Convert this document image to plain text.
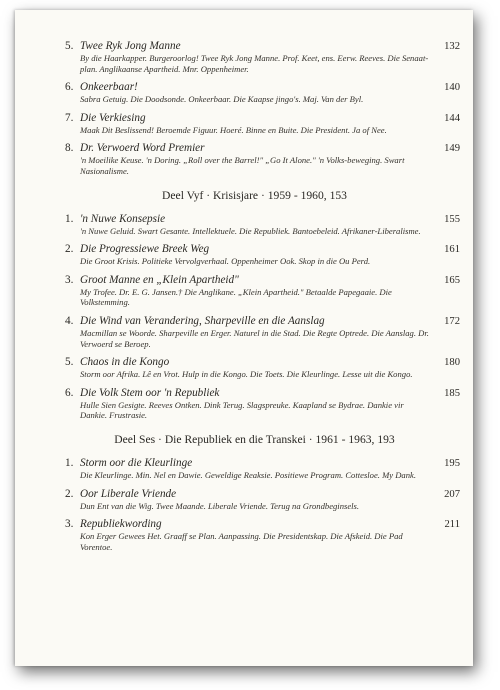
5. Twee Ryk Jong Manne
By die Haarkapper. Burgeroorlog! Twee Ryk Jong Manne. Prof. Keet, ens. Eerw. Reeves. Die Senaat-plan. Anglikaanse Apartheid. Mnr. Oppenheimer.
132
6. Onkeerbaar!
Sabra Getuig. Die Doodsonde. Onkeerbaar. Die Kaapse jingo's. Maj. Van der Byl.
140
7. Die Verkiesing
Maak Dit Beslissend! Beroemde Figuur. Hoeré. Binne en Buite. Die President. Ja of Nee.
144
8. Dr. Verwoerd Word Premier
'n Moeilike Keuse. 'n Doring. „Roll over the Barrel!" „Go It Alone." 'n Volks-beweging. Swart Nasionalisme.
149
Deel Vyf · Krisisjare · 1959 - 1960, 153
1. 'n Nuwe Konsepsie
'n Nuwe Geluid. Swart Gesante. Intellektuele. Die Republiek. Bantoebeleid. Afrikaner-Liberalisme.
155
2. Die Progressiewe Breek Weg
Die Groot Krisis. Politieke Vervolgverhaal. Oppenheimer Ook. Skop in die Ou Perd.
161
3. Groot Manne en „Klein Apartheid"
My Trofee. Dr. E. G. Jansen.† Die Anglikane. „Klein Apartheid." Betaalde Papegaaie. Die Volkstemming.
165
4. Die Wind van Verandering, Sharpeville en die Aanslag
Macmillan se Woorde. Sharpeville en Erger. Naturel in die Stad. Die Regte Optrede. Die Aanslag. Dr. Verwoerd se Beroep.
172
5. Chaos in die Kongo
Storm oor Afrika. Lê en Vrot. Hulp in die Kongo. Die Toets. Die Kleurlinge. Lesse uit die Kongo.
180
6. Die Volk Stem oor 'n Republiek
Hulle Sien Gesigte. Reeves Ontken. Dink Terug. Slagspreuke. Kaapland se Bydrae. Dankie vir Dankie. Frustrasie.
185
Deel Ses · Die Republiek en die Transkei · 1961 - 1963, 193
1. Storm oor die Kleurlinge
Die Kleurlinge. Min. Nel en Dawie. Geweldige Reaksie. Positiewe Program. Cottesloe. My Dank.
195
2. Oor Liberale Vriende
Dun Ent van die Wig. Twee Maande. Liberale Vriende. Terug na Grondbeginsels.
207
3. Republiekwording
Kon Erger Gewees Het. Graaff se Plan. Aanpassing. Die Presidentskap. Die Afskeid. Die Pad Vorentoe.
211
